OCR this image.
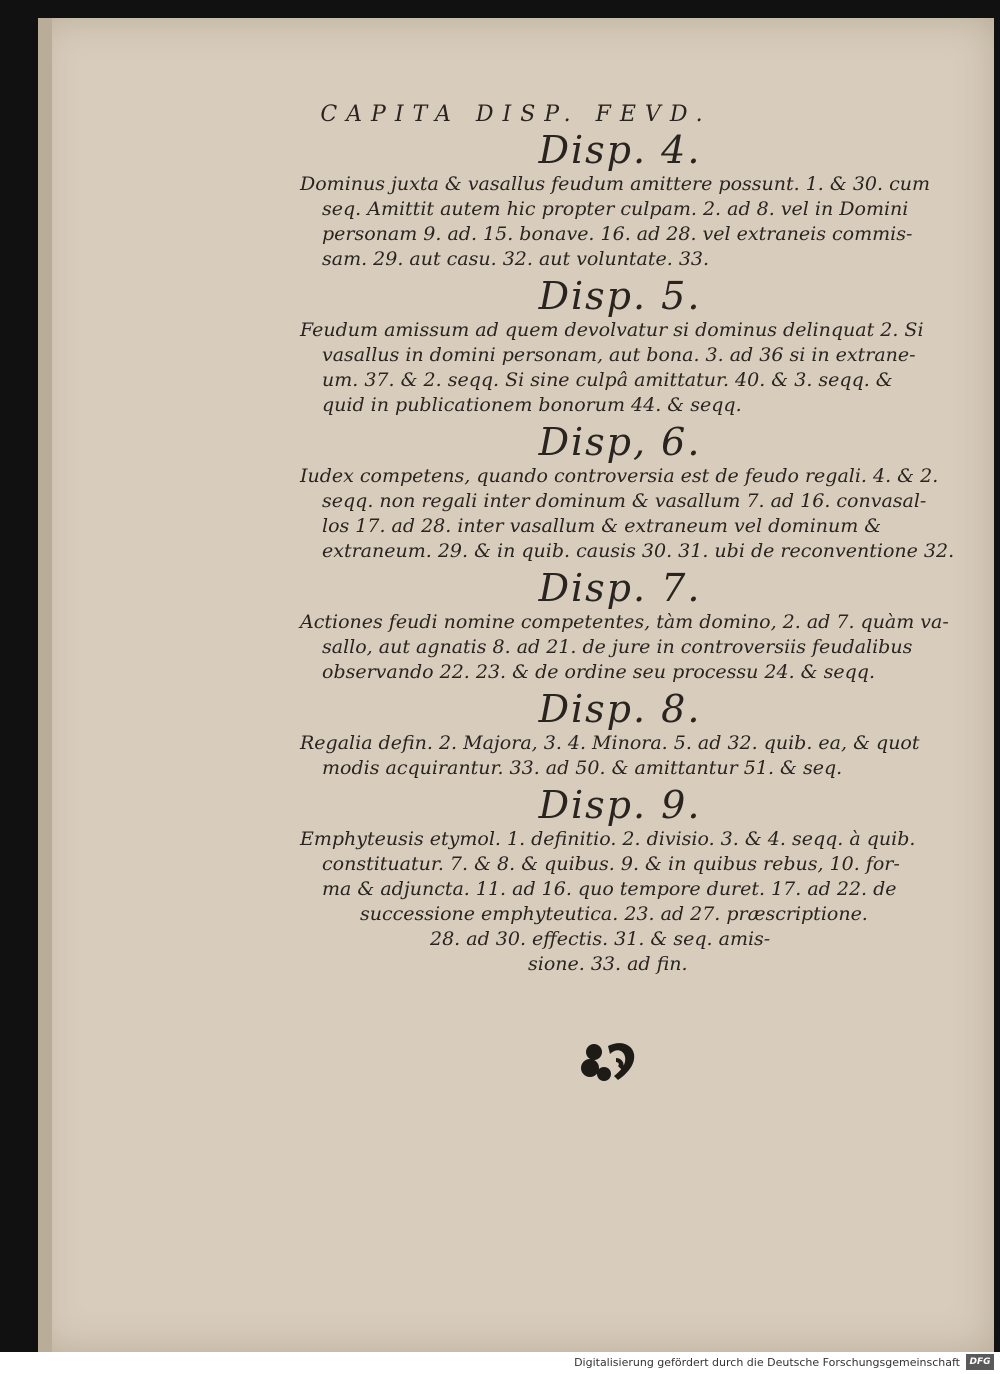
CAPITA DISP. FEVD.
Disp. 4.
Dominus juxta & vasallus feudum amittere possunt. 1. & 30. cum
seq. Amittit autem hic propter culpam. 2. ad 8. vel in Domini
personam 9. ad. 15. bonave. 16. ad 28. vel extraneis commis-
sam. 29. aut casu. 32. aut voluntate. 33.
Disp. 5.
Feudum amissum ad quem devolvatur si dominus delinquat 2. Si
vasallus in domini personam, aut bona. 3. ad 36 si in extrane-
um. 37. & 2. seqq. Si sine culpâ amittatur. 40. & 3. seqq. &
quid in publicationem bonorum 44. & seqq.
Disp, 6.
Iudex competens, quando controversia est de feudo regali. 4. & 2.
seqq. non regali inter dominum & vasallum 7. ad 16. convasal-
los 17. ad 28. inter vasallum & extraneum vel dominum &
extraneum. 29. & in quib. causis 30. 31. ubi de reconventione 32.
Disp. 7.
Actiones feudi nomine competentes, tàm domino, 2. ad 7. quàm va-
sallo, aut agnatis 8. ad 21. de jure in controversiis feudalibus
observando 22. 23. & de ordine seu processu 24. & seqq.
Disp. 8.
Regalia defin. 2. Majora, 3. 4. Minora. 5. ad 32. quib. ea, & quot
modis acquirantur. 33. ad 50. & amittantur 51. & seq.
Disp. 9.
Emphyteusis etymol. 1. definitio. 2. divisio. 3. & 4. seqq. à quib.
constituatur. 7. & 8. & quibus. 9. & in quibus rebus, 10. for-
ma & adjuncta. 11. ad 16. quo tempore duret. 17. ad 22. de
successione emphyteutica. 23. ad 27. præscriptione.
28. ad 30. effectis. 31. & seq. amis-
sione. 33. ad fin.
Digitalisierung gefördert durch die Deutsche Forschungsgemeinschaft	DFG
